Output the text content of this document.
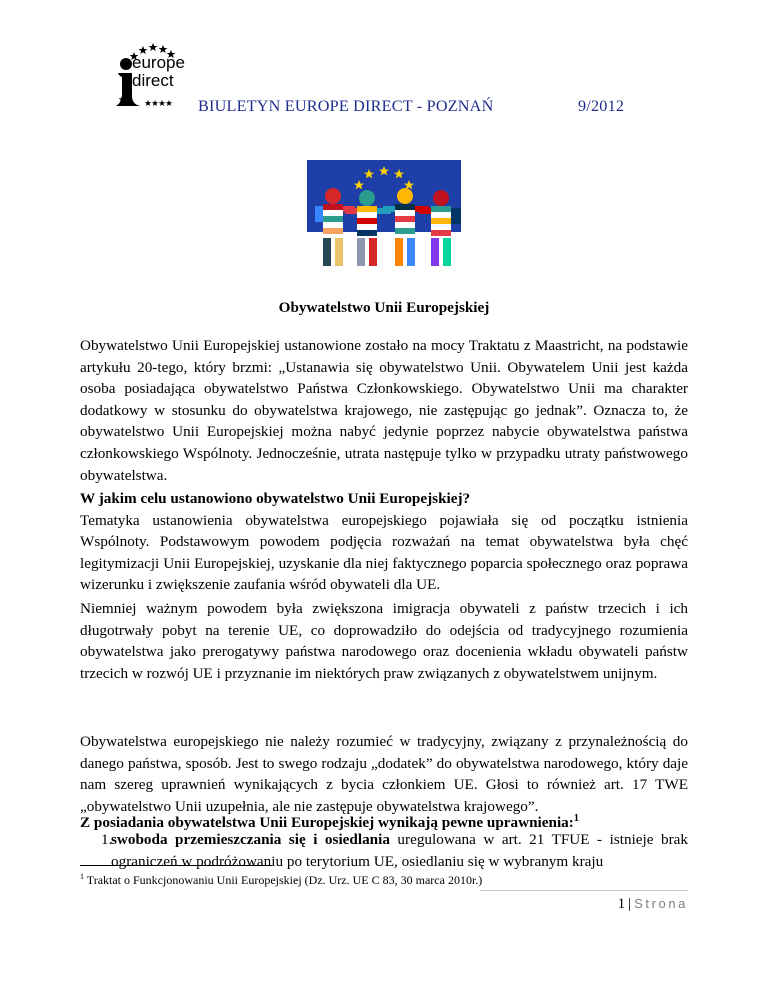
europe
direct
BIULETYN EUROPE DIRECT - POZNAŃ	9/2012
Obywatelstwo Unii Europejskiej
Obywatelstwo Unii Europejskiej ustanowione zostało na mocy Traktatu z Maastricht, na podstawie artykułu 20-tego, który brzmi: „Ustanawia się obywatelstwo Unii. Obywatelem Unii jest każda osoba posiadająca obywatelstwo Państwa Członkowskiego. Obywatelstwo Unii ma charakter dodatkowy w stosunku do obywatelstwa krajowego, nie zastępując go jednak”. Oznacza to, że obywatelstwo Unii Europejskiej można nabyć jedynie poprzez nabycie obywatelstwa państwa członkowskiego Wspólnoty. Jednocześnie, utrata następuje tylko w przypadku utraty państwowego obywatelstwa.
W jakim celu ustanowiono obywatelstwo Unii Europejskiej?
Tematyka ustanowienia obywatelstwa europejskiego pojawiała się od początku istnienia Wspólnoty. Podstawowym powodem podjęcia rozważań na temat obywatelstwa była chęć legitymizacji Unii Europejskiej, uzyskanie dla niej faktycznego poparcia społecznego oraz poprawa wizerunku i zwiększenie zaufania wśród obywateli dla UE.
Niemniej ważnym powodem była zwiększona imigracja obywateli z państw trzecich i ich długotrwały pobyt na terenie UE, co doprowadziło do odejścia od tradycyjnego rozumienia obywatelstwa jako prerogatywy państwa narodowego oraz docenienia wkładu obywateli państw trzecich w rozwój UE i przyznanie im niektórych praw związanych z obywatelstwem unijnym.
Obywatelstwa europejskiego nie należy rozumieć w tradycyjny, związany z przynależnością do danego państwa, sposób. Jest to swego rodzaju „dodatek” do obywatelstwa narodowego, który daje nam szereg uprawnień wynikających z bycia członkiem UE. Głosi to również art. 17 TWE „obywatelstwo Unii uzupełnia, ale nie zastępuje obywatelstwa krajowego”.
Z posiadania obywatelstwa Unii Europejskiej wynikają pewne uprawnienia:$^1$
1.
swoboda przemieszczania się i osiedlania uregulowana w art. 21 TFUE - istnieje brak ograniczeń w podróżowaniu po terytorium UE, osiedlaniu się w wybranym kraju
$^1$ Traktat o Funkcjonowaniu Unii Europejskiej (Dz. Urz. UE C 83, 30 marca 2010r.)
1 | Strona
